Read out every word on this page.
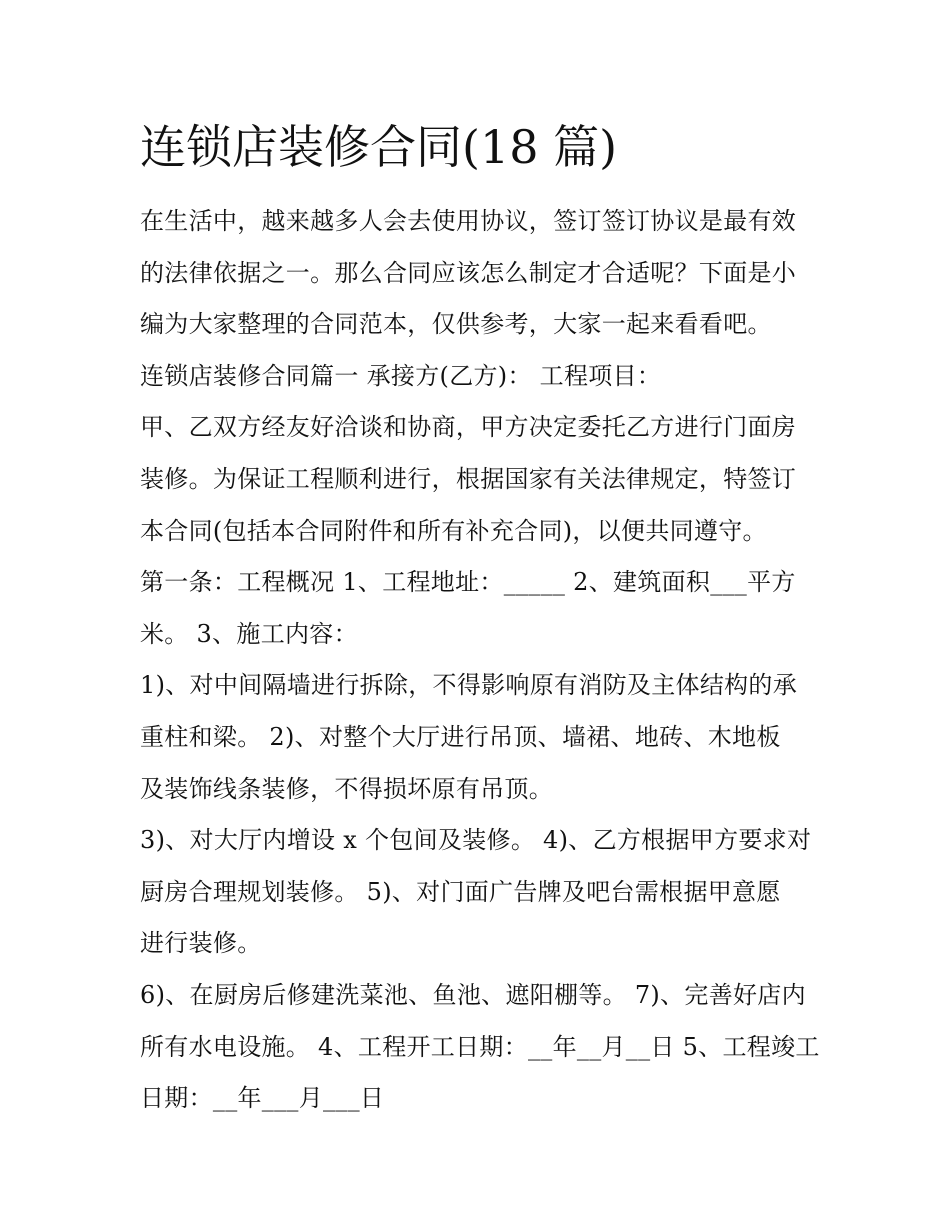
连锁店装修合同(18 篇)
在生活中，越来越多人会去使用协议，签订签订协议是最有效
的法律依据之一。那么合同应该怎么制定才合适呢？下面是小
编为大家整理的合同范本，仅供参考，大家一起来看看吧。
连锁店装修合同篇一 承接方(乙方)： 工程项目：
甲、乙双方经友好洽谈和协商，甲方决定委托乙方进行门面房
装修。为保证工程顺利进行，根据国家有关法律规定，特签订
本合同(包括本合同附件和所有补充合同)，以便共同遵守。
第一条：工程概况 1、工程地址：_____ 2、建筑面积___平方
米。 3、施工内容：
1)、对中间隔墙进行拆除，不得影响原有消防及主体结构的承
重柱和梁。 2)、对整个大厅进行吊顶、墙裙、地砖、木地板
及装饰线条装修，不得损坏原有吊顶。
3)、对大厅内增设 x 个包间及装修。 4)、乙方根据甲方要求对
厨房合理规划装修。 5)、对门面广告牌及吧台需根据甲意愿
进行装修。
6)、在厨房后修建洗菜池、鱼池、遮阳棚等。 7)、完善好店内
所有水电设施。 4、工程开工日期：__年__月__日 5、工程竣工
日期：__年___月___日
